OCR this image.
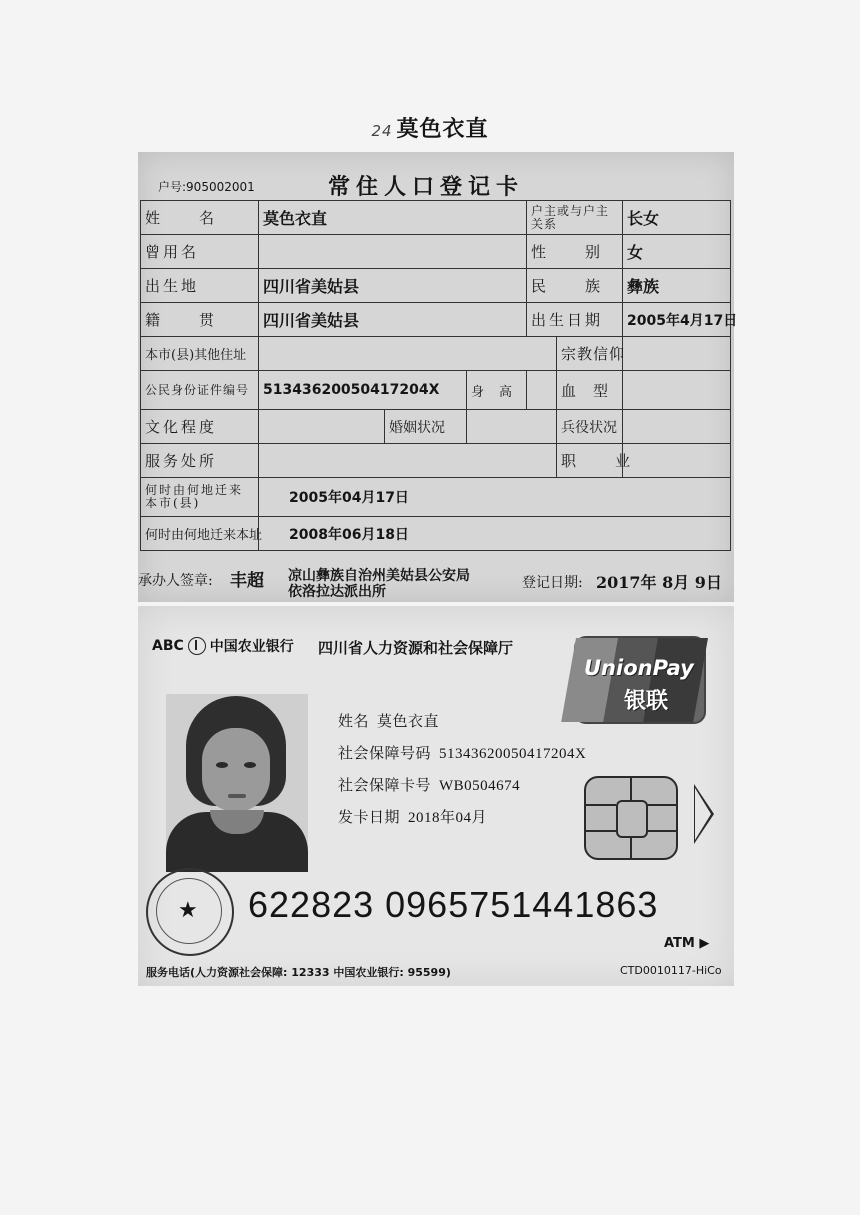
24 莫色衣直
户号:905002001	常住人口登记卡
姓　　名	莫色衣直			户主或与户主关系		长女
曾用名				性　　别		女
出生地	四川省美姑县			民　　族		彝族
籍　　贯	四川省美姑县			出生日期		2005年4月17日
本市(县)其他住址					宗教信仰	
公民身份证件编号	51343620050417204X		身　高		血　型	
文化程度		婚姻状况			兵役状况	
服务处所					职　　业	
何时由何地迁来本市(县)	2005年04月17日					
何时由何地迁来本址	2008年06月18日					
承办人签章: 丰超 凉山彝族自治州美姑县公安局
依洛拉达派出所
登记日期: 2017年 8月 9日
ABC 中国农业银行 四川省人力资源和社会保障厅
UnionPay
银联
姓名 莫色衣直
社会保障号码 51343620050417204X
社会保障卡号 WB0504674
发卡日期 2018年04月
★ 622823 0965751441863
ATM ▶
服务电话(人力资源社会保障: 12333 中国农业银行: 95599)	CTD0010117-HiCo
